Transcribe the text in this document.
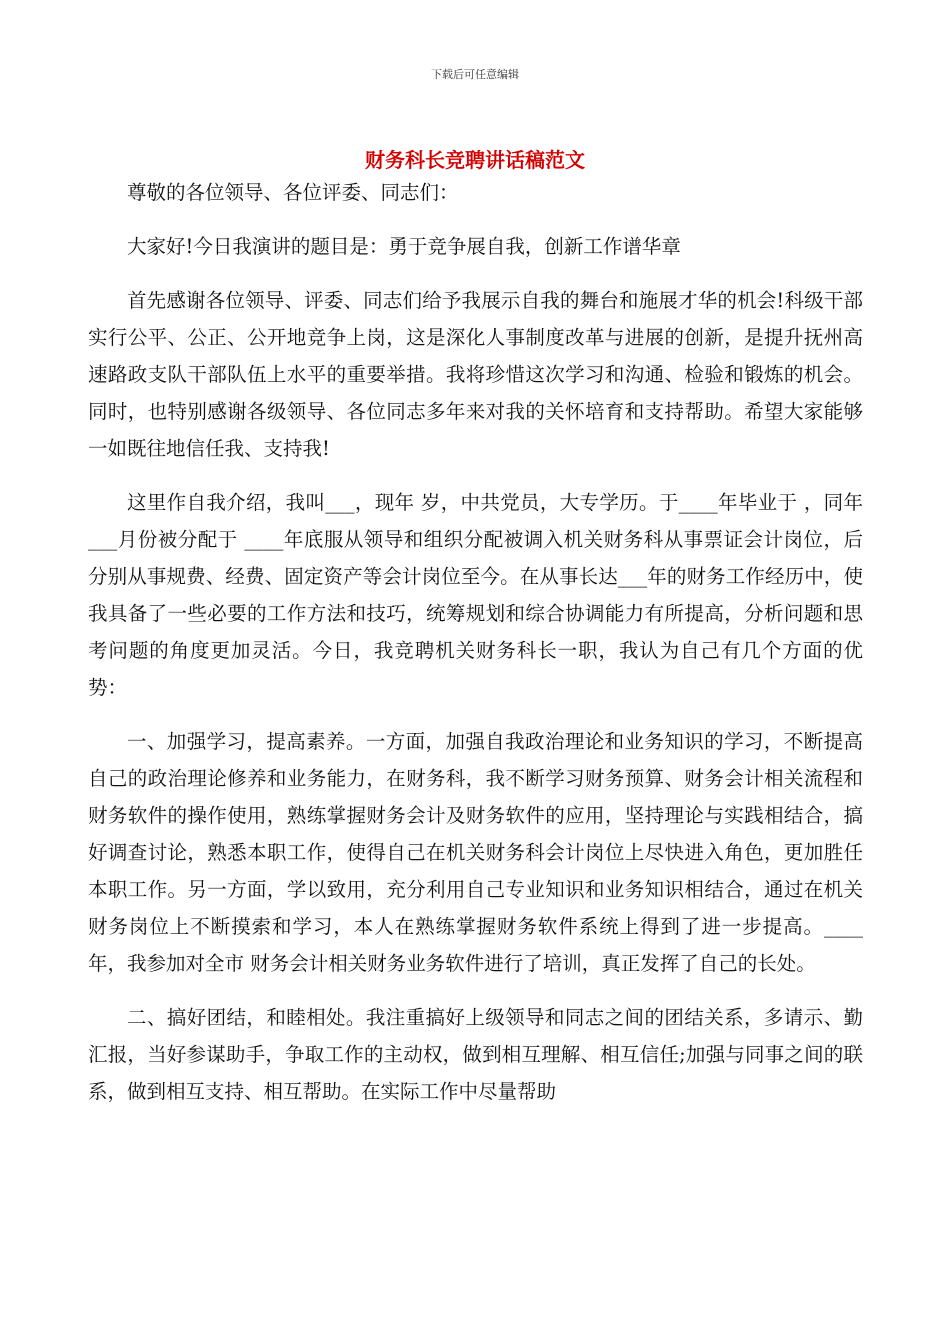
下载后可任意编辑
财务科长竞聘讲话稿范文

尊敬的各位领导、各位评委、同志们：

大家好!今日我演讲的题目是：勇于竞争展自我，创新工作谱华章

首先感谢各位领导、评委、同志们给予我展示自我的舞台和施展才华的机会!科级干部实行公平、公正、公开地竞争上岗，这是深化人事制度改革与进展的创新，是提升抚州高速路政支队干部队伍上水平的重要举措。我将珍惜这次学习和沟通、检验和锻炼的机会。同时，也特别感谢各级领导、各位同志多年来对我的关怀培育和支持帮助。希望大家能够一如既往地信任我、支持我!

这里作自我介绍，我叫___，现年 岁，中共党员，大专学历。于____年毕业于 ，同年___月份被分配于 ____年底服从领导和组织分配被调入机关财务科从事票证会计岗位，后分别从事规费、经费、固定资产等会计岗位至今。在从事长达___年的财务工作经历中，使我具备了一些必要的工作方法和技巧，统筹规划和综合协调能力有所提高，分析问题和思考问题的角度更加灵活。今日，我竞聘机关财务科长一职，我认为自己有几个方面的优势：

一、加强学习，提高素养。一方面，加强自我政治理论和业务知识的学习，不断提高自己的政治理论修养和业务能力，在财务科，我不断学习财务预算、财务会计相关流程和财务软件的操作使用，熟练掌握财务会计及财务软件的应用，坚持理论与实践相结合，搞好调查讨论，熟悉本职工作，使得自己在机关财务科会计岗位上尽快进入角色，更加胜任本职工作。另一方面，学以致用，充分利用自己专业知识和业务知识相结合，通过在机关财务岗位上不断摸索和学习，本人在熟练掌握财务软件系统上得到了进一步提高。____年，我参加对全市 财务会计相关财务业务软件进行了培训，真正发挥了自己的长处。

二、搞好团结，和睦相处。我注重搞好上级领导和同志之间的团结关系，多请示、勤汇报，当好参谋助手，争取工作的主动权，做到相互理解、相互信任;加强与同事之间的联系，做到相互支持、相互帮助。在实际工作中尽量帮助
